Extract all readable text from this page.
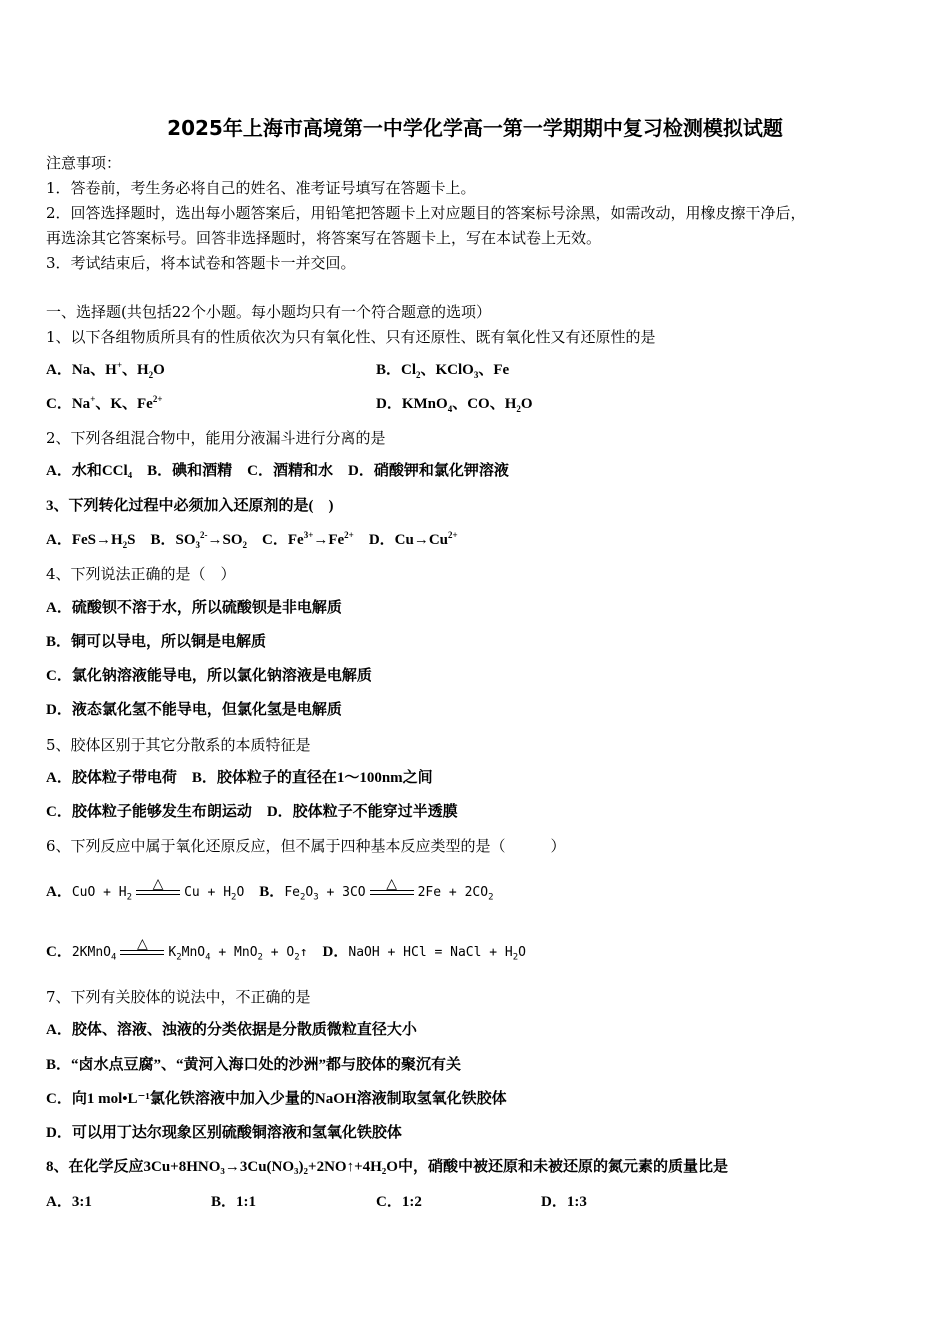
2025年上海市高境第一中学化学高一第一学期期中复习检测模拟试题
注意事项：
1．答卷前，考生务必将自己的姓名、准考证号填写在答题卡上。
2．回答选择题时，选出每小题答案后，用铅笔把答题卡上对应题目的答案标号涂黑，如需改动，用橡皮擦干净后，
再选涂其它答案标号。回答非选择题时，将答案写在答题卡上，写在本试卷上无效。
3．考试结束后，将本试卷和答题卡一并交回。
一、选择题(共包括22个小题。每小题均只有一个符合题意的选项）
1、以下各组物质所具有的性质依次为只有氧化性、只有还原性、既有氧化性又有还原性的是
A．Na、H+、$H_2O$	B．$Cl_2$、KClO$_3$、Fe
C．Na+、K、$Fe^{2+}$	D．KMnO$_4$、CO、$H_2O$
2、下列各组混合物中，能用分液漏斗进行分离的是
A．水和CCl₄　B．碘和酒精　C．酒精和水　D．硝酸钾和氯化钾溶液
3、下列转化过程中必须加入还原剂的是(　)
A．$FeS\to H_2S$　B．$SO_3^{2-}\to SO_2$　C．$Fe^{3+}\to Fe^{2+}$　D．$Cu\to Cu^{2+}$
4、下列说法正确的是（　）
A．硫酸钡不溶于水，所以硫酸钡是非电解质
B．铜可以导电，所以铜是电解质
C．氯化钠溶液能导电，所以氯化钠溶液是电解质
D．液态氯化氢不能导电，但氯化氢是电解质
5、胶体区别于其它分散系的本质特征是
A．胶体粒子带电荷　B．胶体粒子的直径在1～100nm之间
C．胶体粒子能够发生布朗运动　D．胶体粒子不能穿过半透膜
6、下列反应中属于氧化还原反应，但不属于四种基本反应类型的是（　　　）
A．CuO + $H_2$
△
$Cu + H_2O$　 B．$Fe_2O_3 + 3CO$
△
$2Fe + 2CO_2$
C．2KMnO$_4$
△
$K_2MnO_4 + MnO_2$ + $O_2↑$　 D．NaOH + HCl = NaCl + $H_2O$
7、下列有关胶体的说法中，不正确的是
A．胶体、溶液、浊液的分类依据是分散质微粒直径大小
B．“卤水点豆腐”、“黄河入海口处的沙洲”都与胶体的聚沉有关
C．向1 mol•L⁻¹氯化铁溶液中加入少量的NaOH溶液制取氢氧化铁胶体
D．可以用丁达尔现象区别硫酸铜溶液和氢氧化铁胶体
8、在化学反应3Cu+8HNO₃→3Cu(NO₃)₂+2NO↑+4H₂O中，硝酸中被还原和未被还原的氮元素的质量比是
A．3:1	B．1:1	C．1:2	D．1:3
